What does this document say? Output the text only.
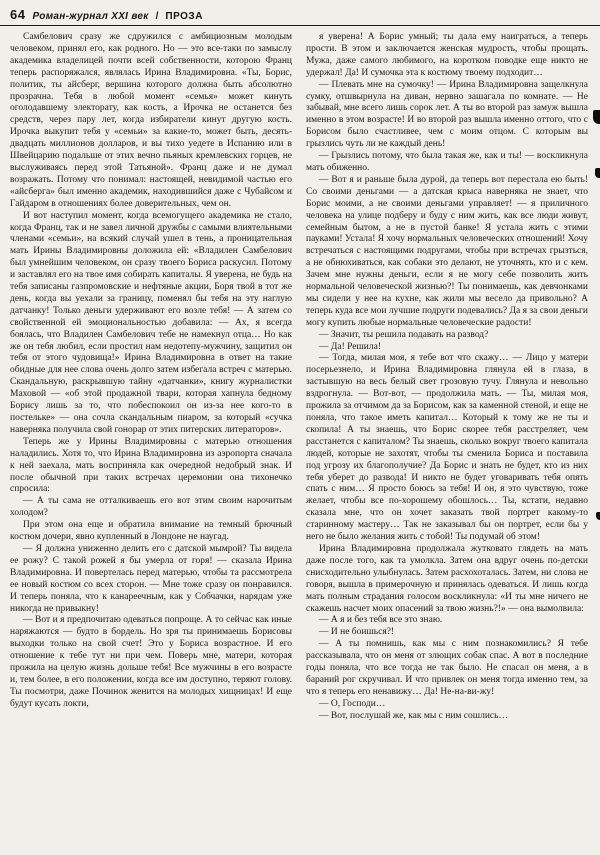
64 Роман-журнал XXI век / ПРОЗА

Самбелович сразу же сдружился с амбициозным молодым человеком, принял его, как родного. Но — это все-таки по замыслу академика владелицей почти всей собственности, которою Франц теперь распоряжался, являлась Ирина Владимировна. «Ты, Борис, политик, ты айсберг, вершина которого должна быть абсолютно прозрачна. Тебя в любой момент «семья» может кинуть оголодавшему электорату, как кость, а Ирочка не останется без средств, через пару лет, когда избиратели кинут другую кость. Ирочка выкупит тебя у «семьи» за какие-то, может быть, десять-двадцать миллионов долларов, и вы тихо уедете в Испанию или в Швейцарию подальше от этих вечно пьяных кремлевских горцев, не выслуживаясь перед этой Татьяной». Франц даже и не думал возражать. Потому что понимал: настоящей, невидимой частью его «айсберга» был именно академик, находившийся даже с Чубайсом и Гайдаром в отношениях более доверительных, чем он.

И вот наступил момент, когда всемогущего академика не стало, когда Франц, так и не завел личной дружбы с самыми влиятельными членами «семьи», на всякий случай ушел в тень, а проницательная мать Ирины Владимировны доложила ей: «Владилен Самбелович был умнейшим человеком, он сразу твоего Бориса раскусил. Потому и заставлял его на твое имя собирать капиталы. Я уверена, не будь на тебя записаны газпромовские и нефтяные акции, Боря твой в тот же день, когда вы уехали за границу, поменял бы тебя на эту наглую датчанку! Только деньги удерживают его возле тебя! — А затем со свойственной ей эмоциональностью добавила: — Ах, я всегда боялась, что Владилен Самбелович тебе не намекнул отца… Но как же он тебя любил, если простил нам недотепу-мужчину, защитил он тебя от этого чудовища!» Ирина Владимировна в ответ на такие обидные для нее слова очень долго затем избегала встреч с матерью. Скандальную, раскрывшую тайну «датчанки», книгу журналистки Маховой — «об этой продажной твари, которая хапнула бедному Борису лишь за то, что побеспокоил он из-за нее кого-то в постельке» — она сочла скандальным пиаром, за который «сучка наверняка получила свой гонорар от этих питерских литераторов».

Теперь же у Ирины Владимировны с матерью отношения наладились. Хотя то, что Ирина Владимировна из аэропорта сначала к ней заехала, мать восприняла как очередной недобрый знак. И после обычной при таких встречах церемонии она тихонечко спросила:

— А ты сама не отталкиваешь его вот этим своим нарочитым холодом?

При этом она еще и обратила внимание на темный брючный костюм дочери, явно купленный в Лондоне не наугад.

— Я должна униженно делить его с датской мымрой? Ты видела ее рожу? С такой рожей я бы умерла от горя! — сказала Ирина Владимировна. И повертелась перед матерью, чтобы та рассмотрела ее новый костюм со всех сторон. — Мне тоже сразу он понравился. И теперь поняла, что к канареечным, как у Собчачки, нарядам уже никогда не привыкну!

— Вот и я предпочитаю одеваться попроще. А то сейчас как иные наряжаются — будто в бордель. Но зря ты принимаешь Борисовы выходки только на свой счет! Это у Бориса возрастное. И его отношение к тебе тут ни при чем. Поверь мне, матери, которая прожила на целую жизнь дольше тебя! Все мужчины в его возрасте и, тем более, в его положении, когда все им доступно, теряют голову. Ты посмотри, даже Починок женится на молодых хищницах! И еще будут кусать локти,

я уверена! А Борис умный; ты дала ему наиграться, а теперь прости. В этом и заключается женская мудрость, чтобы прощать. Мужа, даже самого любимого, на коротком поводке еще никто не удержал! Да! И сумочка эта к костюму твоему подходит…

— Плевать мне на сумочку! — Ирина Владимировна защелкнула сумку, отшвырнула на диван, нервно зашагала по комнате. — Не забывай, мне всего лишь сорок лет. А ты во второй раз замуж вышла именно в этом возрасте! И во второй раз вышла именно оттого, что с Борисом было счастливее, чем с моим отцом. С которым вы грызлись чуть ли не каждый день!

— Грызлись потому, что была такая же, как и ты! — воскликнула мать обиженно.

— Вот я и раньше была дурой, да теперь вот перестала ею быть! Со своими деньгами — а датская крыса наверняка не знает, что Борис моими, а не своими деньгами управляет! — я приличного человека на улице подберу и буду с ним жить, как все люди живут, семейным бытом, а не в пустой банке! Я устала жить с этими пауками! Устала! Я хочу нормальных человеческих отношений! Хочу встречаться с настоящими подругами, чтобы при встречах грызться, а не обнюхиваться, как собаки это делают, не уточнять, кто и с кем. Зачем мне нужны деньги, если я не могу себе позволить жить нормальной человеческой жизнью?! Ты понимаешь, как девчонками мы сидели у нее на кухне, как жили мы весело да привольно? А теперь куда все мои лучшие подруги подевались? Да я за свои деньги могу купить любые нормальные человеческие радости!

— Значит, ты решила подавать на развод?

— Да! Решила!

— Тогда, милая моя, я тебе вот что скажу… — Лицо у матери посерьезнело, и Ирина Владимировна глянула ей в глаза, в застывшую на весь белый свет грозовую тучу. Глянула и невольно вздрогнула. — Вот-вот, — продолжила мать. — Ты, милая моя, прожила за отчимом да за Борисом, как за каменной стеной, и еще не поняла, что такое иметь капитал… Который к тому же не ты и скопила! А ты знаешь, что Борис скорее тебя расстреляет, чем расстанется с капиталом? Ты знаешь, сколько вокруг твоего капитала людей, которые не захотят, чтобы ты сменила Бориса и поставила под угрозу их благополучие? Да Борис и знать не будет, кто из них тебя уберет до развода! И никто не будет уговаривать тебя опять спать с ним… Я просто боюсь за тебя! И он, я это чувствую, тоже желает, чтобы все по-хорошему обошлось… Ты, кстати, недавно сказала мне, что он хочет заказать твой портрет какому-то старинному мастеру… Так не заказывал бы он портрет, если бы у него не было желания жить с тобой! Ты подумай об этом!

Ирина Владимировна продолжала жутковато глядеть на мать даже после того, как та умолкла. Затем она вдруг очень по-детски снисходительно улыбнулась. Затем расхохоталась. Затем, ни слова не говоря, вышла в примерочную и принялась одеваться. И лишь когда мать полным страдания голосом воскликнула: «И ты мне ничего не скажешь насчет моих опасений за твою жизнь?!» — она вымолвила:

— А я и без тебя все это знаю.

— И не боишься?!

— А ты помнишь, как мы с ним познакомились? Я тебе рассказывала, что он меня от злющих собак спас. А вот в последние годы поняла, что все тогда не так было. Не спасал он меня, а в бараний рог скручивал. И что привлек он меня тогда именно тем, за что я теперь его ненавижу… Да! Не-на-ви-жу!

— О, Господи…

— Вот, послушай же, как мы с ним сошлись…
